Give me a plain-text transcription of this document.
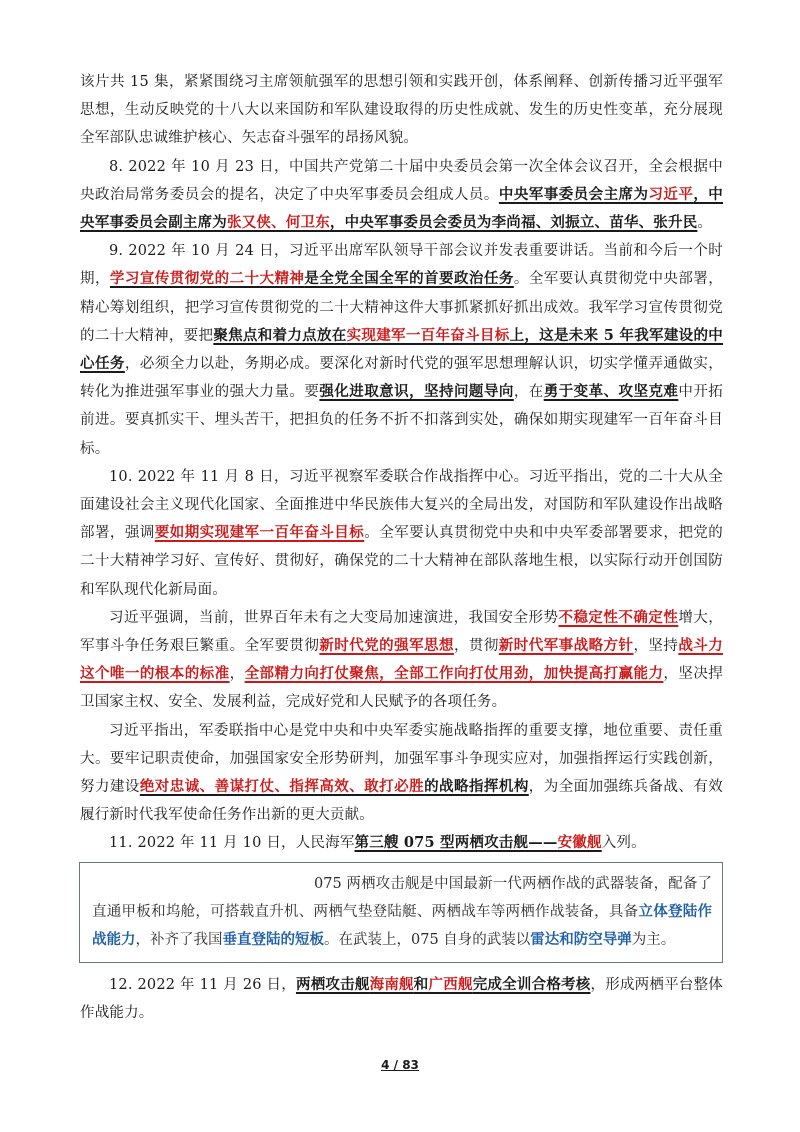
该片共 15 集，紧紧围绕习主席领航强军的思想引领和实践开创，体系阐释、创新传播习近平强军思想，生动反映党的十八大以来国防和军队建设取得的历史性成就、发生的历史性变革，充分展现全军部队忠诚维护核心、矢志奋斗强军的昂扬风貌。

8. 2022 年 10 月 23 日，中国共产党第二十届中央委员会第一次全体会议召开，全会根据中央政治局常务委员会的提名，决定了中央军事委员会组成人员。中央军事委员会主席为习近平，中央军事委员会副主席为张又侠、何卫东，中央军事委员会委员为李尚福、刘振立、苗华、张升民。

9. 2022 年 10 月 24 日，习近平出席军队领导干部会议并发表重要讲话。当前和今后一个时期，学习宣传贯彻党的二十大精神是全党全国全军的首要政治任务。全军要认真贯彻党中央部署，精心筹划组织，把学习宣传贯彻党的二十大精神这件大事抓紧抓好抓出成效。我军学习宣传贯彻党的二十大精神，要把聚焦点和着力点放在实现建军一百年奋斗目标上，这是未来 5 年我军建设的中心任务，必须全力以赴，务期必成。要深化对新时代党的强军思想理解认识，切实学懂弄通做实，转化为推进强军事业的强大力量。要强化进取意识，坚持问题导向，在勇于变革、攻坚克难中开拓前进。要真抓实干、埋头苦干，把担负的任务不折不扣落到实处，确保如期实现建军一百年奋斗目标。

10. 2022 年 11 月 8 日，习近平视察军委联合作战指挥中心。习近平指出，党的二十大从全面建设社会主义现代化国家、全面推进中华民族伟大复兴的全局出发，对国防和军队建设作出战略部署，强调要如期实现建军一百年奋斗目标。全军要认真贯彻党中央和中央军委部署要求，把党的二十大精神学习好、宣传好、贯彻好，确保党的二十大精神在部队落地生根，以实际行动开创国防和军队现代化新局面。

习近平强调，当前，世界百年未有之大变局加速演进，我国安全形势不稳定性不确定性增大，军事斗争任务艰巨繁重。全军要贯彻新时代党的强军思想，贯彻新时代军事战略方针，坚持战斗力这个唯一的根本的标准，全部精力向打仗聚焦，全部工作向打仗用劲，加快提高打赢能力，坚决捍卫国家主权、安全、发展利益，完成好党和人民赋予的各项任务。

习近平指出，军委联指中心是党中央和中央军委实施战略指挥的重要支撑，地位重要、责任重大。要牢记职责使命，加强国家安全形势研判，加强军事斗争现实应对，加强指挥运行实践创新，努力建设绝对忠诚、善谋打仗、指挥高效、敢打必胜的战略指挥机构，为全面加强练兵备战、有效履行新时代我军使命任务作出新的更大贡献。

11. 2022 年 11 月 10 日，人民海军第三艘 075 型两栖攻击舰——安徽舰入列。

075 两栖攻击舰是中国最新一代两栖作战的武器装备，配备了直通甲板和坞舱，可搭载直升机、两栖气垫登陆艇、两栖战车等两栖作战装备，具备立体登陆作战能力，补齐了我国垂直登陆的短板。在武装上，075 自身的武装以雷达和防空导弹为主。

12. 2022 年 11 月 26 日，两栖攻击舰海南舰和广西舰完成全训合格考核，形成两栖平台整体作战能力。

4 / 83
